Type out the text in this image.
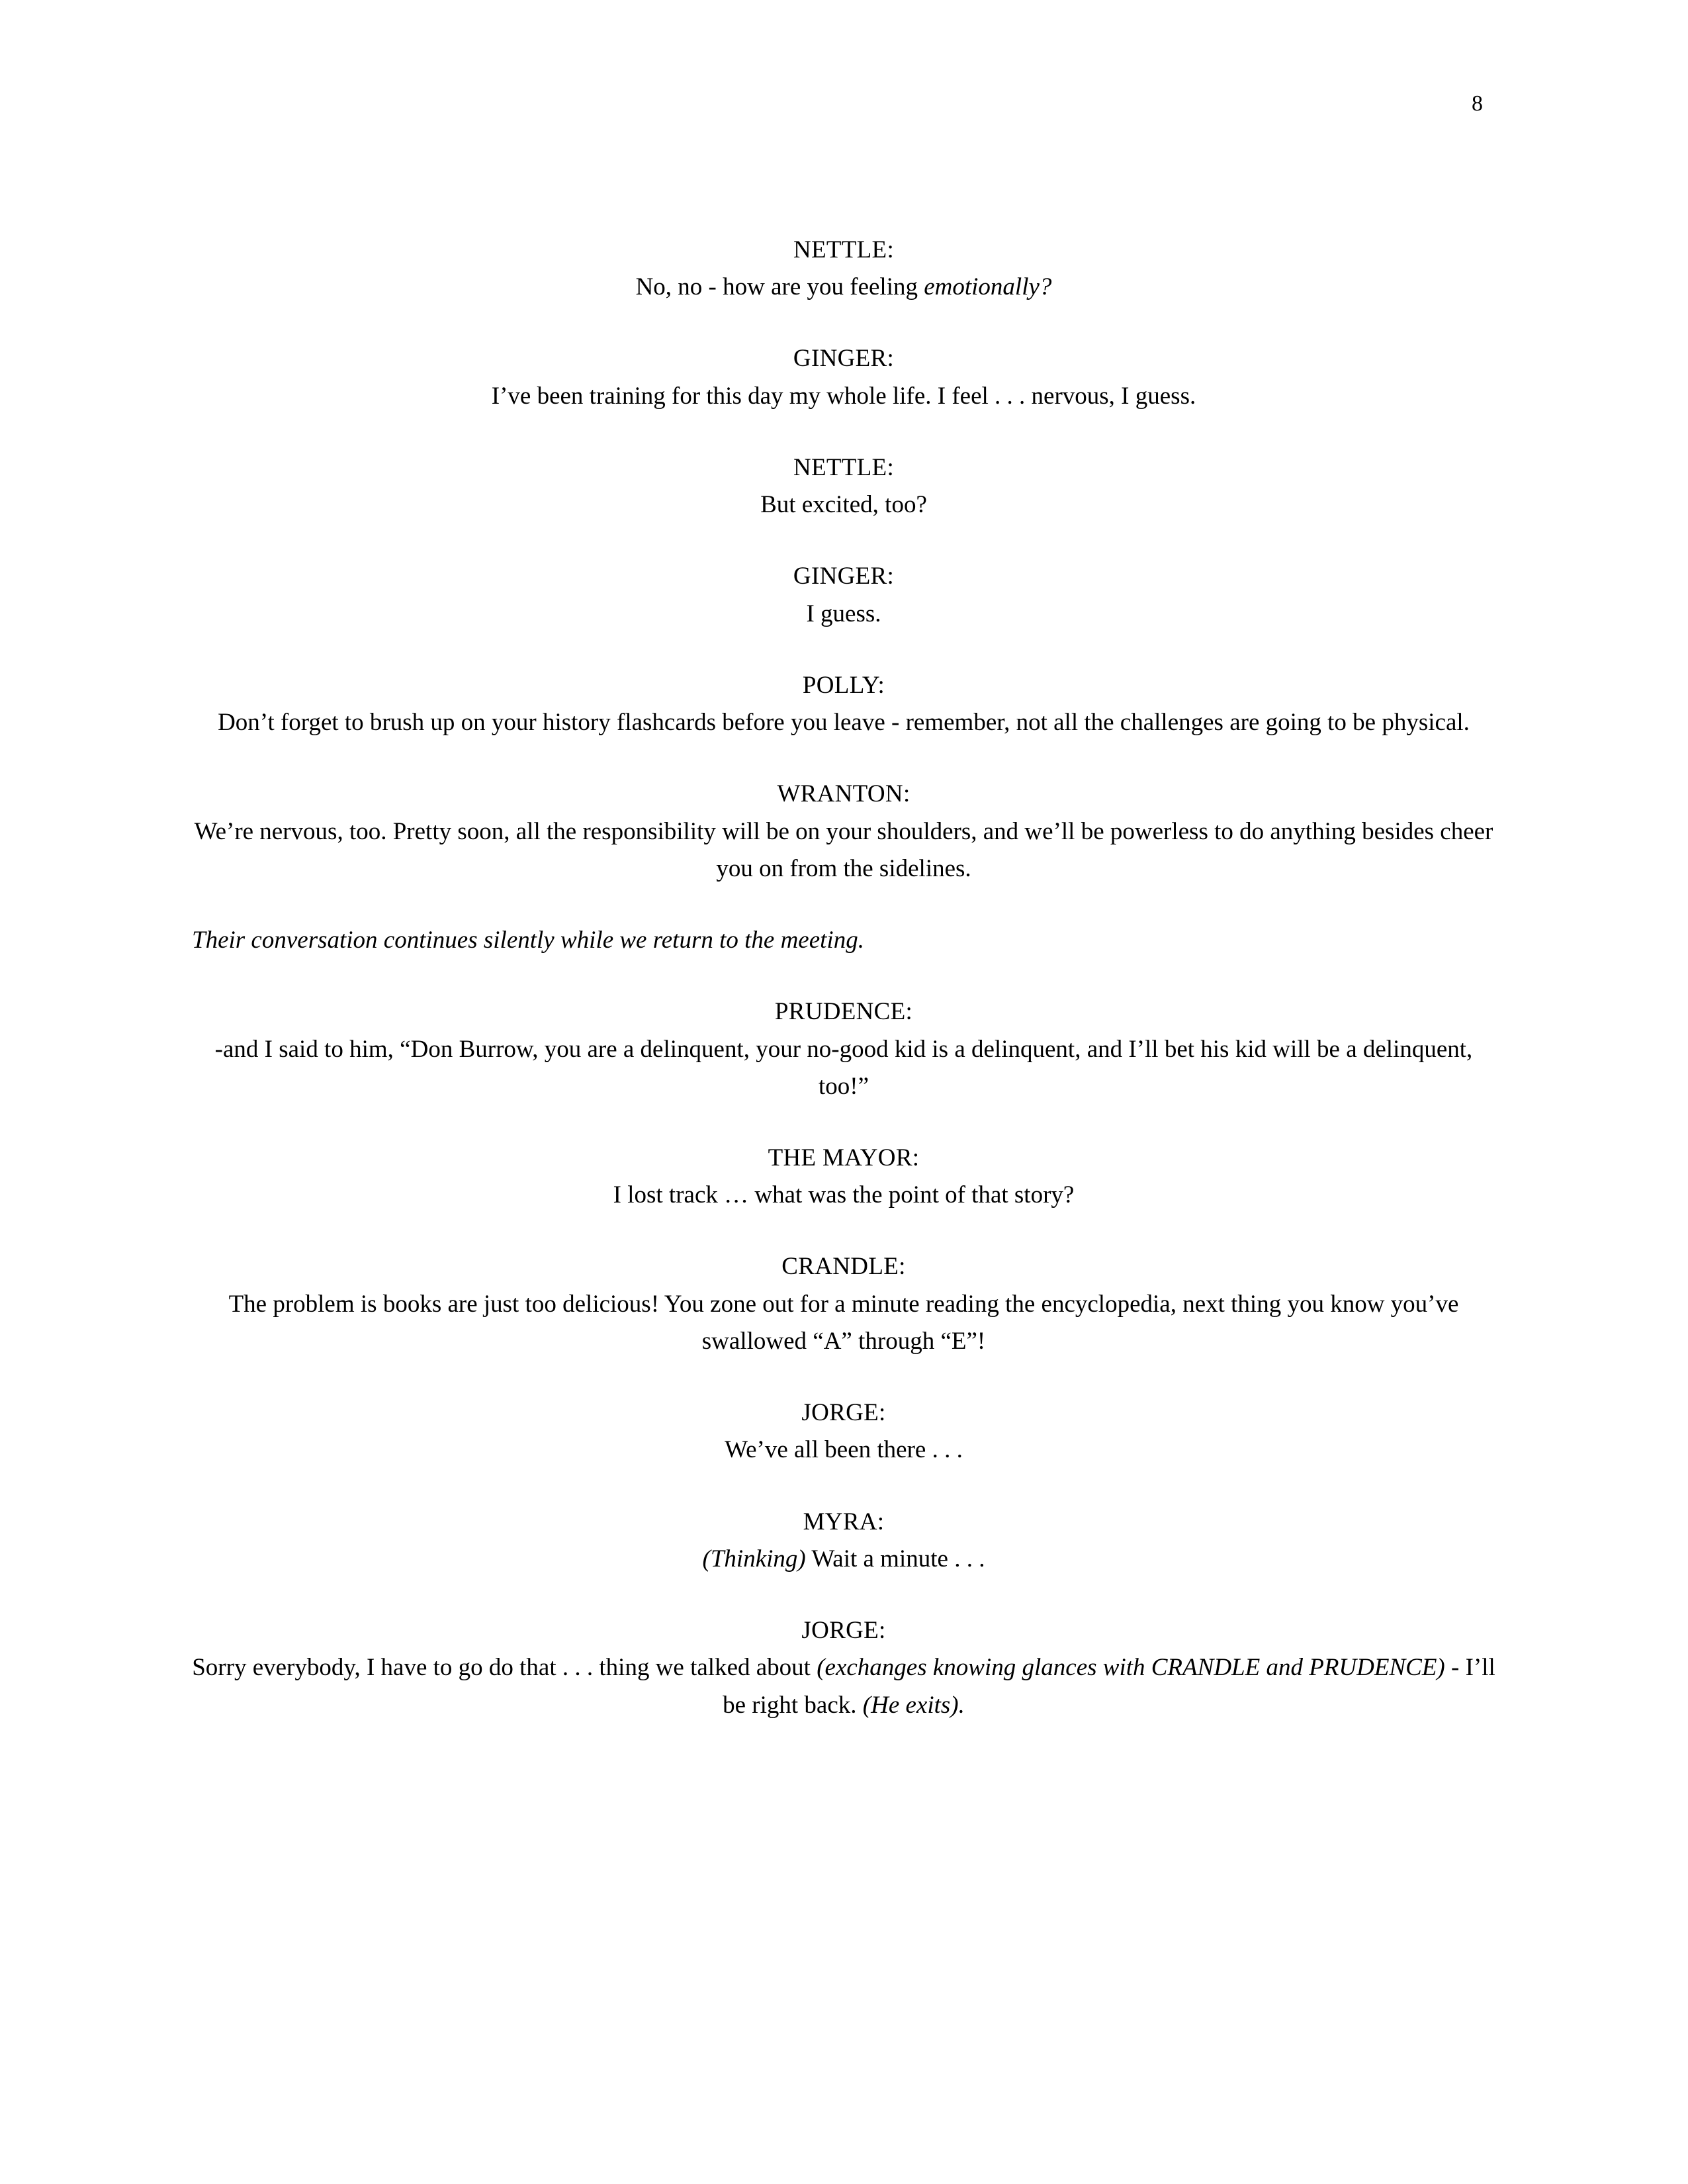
8
NETTLE:
No, no - how are you feeling emotionally?
GINGER:
I’ve been training for this day my whole life. I feel . . . nervous, I guess.
NETTLE:
But excited, too?
GINGER:
I guess.
POLLY:
Don’t forget to brush up on your history flashcards before you leave - remember, not all the challenges are going to be physical.
WRANTON:
We’re nervous, too. Pretty soon, all the responsibility will be on your shoulders, and we’ll be powerless to do anything besides cheer you on from the sidelines.
Their conversation continues silently while we return to the meeting.
PRUDENCE:
-and I said to him, “Don Burrow, you are a delinquent, your no-good kid is a delinquent, and I’ll bet his kid will be a delinquent, too!”
THE MAYOR:
I lost track … what was the point of that story?
CRANDLE:
The problem is books are just too delicious! You zone out for a minute reading the encyclopedia, next thing you know you’ve swallowed “A” through “E”!
JORGE:
We’ve all been there . . .
MYRA:
(Thinking) Wait a minute . . .
JORGE:
Sorry everybody, I have to go do that . . . thing we talked about (exchanges knowing glances with CRANDLE and PRUDENCE) - I’ll be right back. (He exits).
